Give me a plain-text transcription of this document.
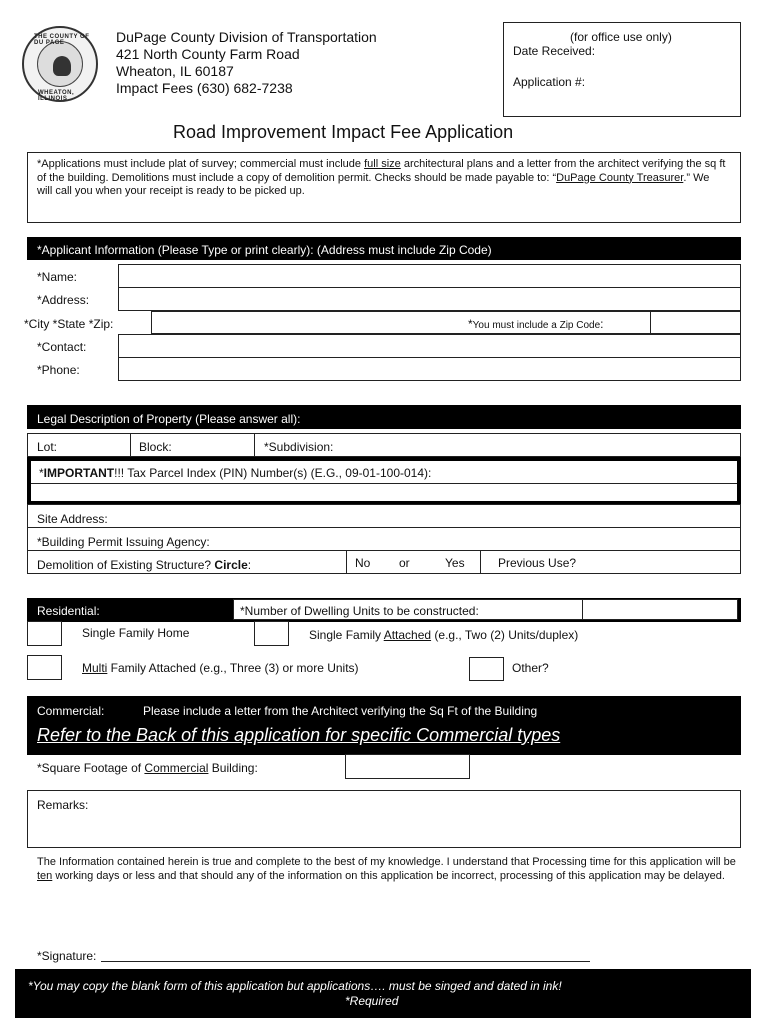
THE COUNTY OF DU PAGE
WHEATON, ILLINOIS
DuPage County Division of Transportation
421 North County Farm Road
Wheaton, IL 60187
Impact Fees (630) 682-7238
(for office use only)
Date Received:
Application #:
Road Improvement Impact Fee Application
*Applications must include plat of survey; commercial must include full size architectural plans and a letter from the architect verifying the sq ft of the building. Demolitions must include a copy of demolition permit. Checks should be made payable to: “DuPage County Treasurer.” We will call you when your receipt is ready to be picked up.
*Applicant Information (Please Type or print clearly): (Address must include Zip Code)
*Name:
*Address:
*City *State *Zip:	*You must include a Zip Code:
*Contact:
*Phone:
Legal Description of Property (Please answer all):
Lot:	Block:	*Subdivision:
*IMPORTANT!!! Tax Parcel Index (PIN) Number(s) (E.G., 09-01-100-014):
Site Address:
*Building Permit Issuing Agency:
Demolition of Existing Structure? Circle:	No or	Yes	Previous Use?
Residential:	*Number of Dwelling Units to be constructed:
Single Family Home	Single Family Attached (e.g., Two (2) Units/duplex)
Multi Family Attached (e.g., Three (3) or more Units)	Other?
Commercial:	Please include a letter from the Architect verifying the Sq Ft of the Building
Refer to the Back of this application for specific Commercial types
*Square Footage of Commercial Building:
Remarks:
The Information contained herein is true and complete to the best of my knowledge. I understand that Processing time for this application will be ten working days or less and that should any of the information on this application be incorrect, processing of this application may be delayed.
*Signature:
*You may copy the blank form of this application but applications…. must be singed and dated in ink!
*Required
